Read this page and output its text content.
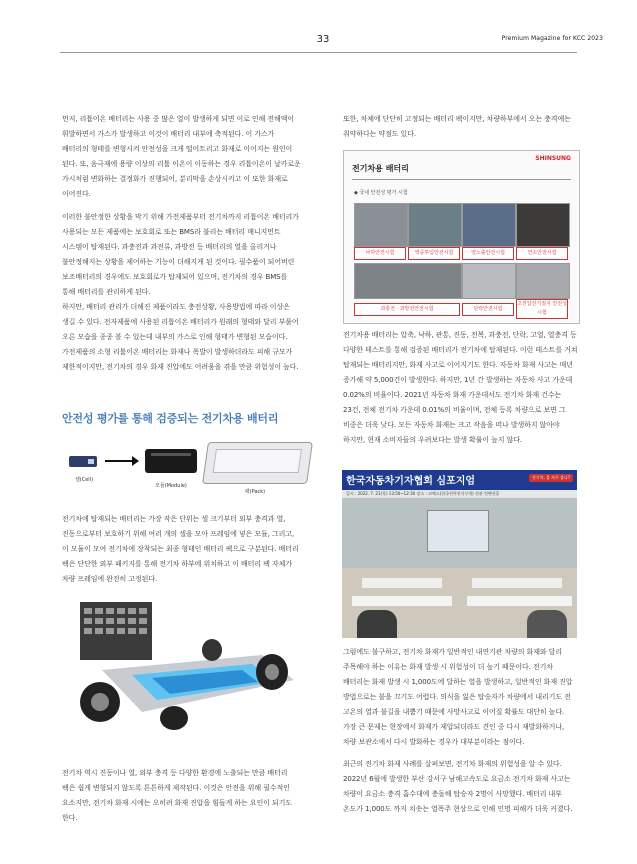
33	Premium Magazine for KCC 2023

먼저, 리튬이온 배터리는 사용 중 많은 열이 발생하게 되면 이로 인해 전해액이 휘발하면서 가스가 발생하고 이것이 배터리 내부에 축적된다. 이 가스가 배터리의 형태를 변형시켜 안전성을 크게 떨어트리고 화재로 이어지는 원인이 된다. 또, 음극재에 용량 이상의 리튬 이온이 이동하는 경우 리튬이온이 날카로운 가시처럼 변화하는 결정화가 진행되어, 분리막을 손상시키고 이 또한 화재로 이어진다.

이러한 불안정한 상황을 막기 위해 가전제품부터 전기차까지 리튬이온 배터리가 사용되는 모든 제품에는 보호회로 또는 BMS라 불리는 배터리 매니지먼트 시스템이 탑재된다. 과충전과 과전류, 과방전 등 배터리의 열을 올리거나 불안정해지는 상황을 제어하는 기능이 더해지게 된 것이다. 필수품이 되어버린 보조배터리의 경우에도 보호회로가 탑재되어 있으며, 전기차의 경우 BMS를 통해 배터리를 관리하게 된다.

하지만, 배터리 관리가 더해진 제품이라도 충전상황, 사용방법에 따라 이상은 생길 수 있다. 전자제품에 사용된 리튬이온 배터리가 원래의 형태와 달리 부풀어 오른 모습을 종종 볼 수 있는데 내부의 가스로 인해 형태가 변형된 모습이다. 가전제품의 소형 리튬이온 배터리는 화재나 폭발이 발생하더라도 피해 규모가 제한적이지만, 전기차의 경우 화재 진압에도 어려움을 겪을 만큼 위험성이 높다.

안전성 평가를 통해 검증되는 전기차용 배터리
셀(Cell)
모듈(Module)
팩(Pack)

전기차에 탑재되는 배터리는 가장 작은 단위는 셀 크기부터 외부 충격과 열, 진동으로부터 보호하기 위해 여러 개의 셀을 모아 프레임에 넣은 모듈, 그리고, 이 모듈이 모여 전기차에 장착되는 최종 형태인 배터리 팩으로 구분된다. 배터리 팩은 단단한 외부 패키지를 통해 전기차 하부에 위치하고 이 배터리 팩 자체가 차량 프레임에 완전히 고정된다.

전기차 역시 진동이나 열, 외부 충격 등 다양한 환경에 노출되는 만큼 배터리 팩은 쉽게 변형되지 않도록 튼튼하게 제작된다. 이것은 안전을 위해 필수적인 요소지만, 전기차 화재 시에는 오히려 화재 진압을 힘들게 하는 요인이 되기도 한다.

또한, 차체에 단단히 고정되는 배터리 팩이지만, 차량하부에서 오는 충격에는 취약하다는 약점도 있다.

전기차용 배터리
SHINSUNG
◆ 국내 안전성 평가 시험
낙하안전시험	액중투입안전시험	열노출안전시험	연소안전시험
과충전 · 과방전안전시험	단락안전시험
고전압전기절지 안전성시험

전기차용 배터리는 압축, 낙하, 관통, 진동, 전복, 과충전, 단락, 고열, 열충격 등 다양한 테스트를 통해 검증된 배터리가 전기차에 탑재된다. 이런 테스트를 거쳐 탑재되는 배터리지만, 화재 사고로 이어지기도 한다. 자동차 화재 사고는 매년 증가해 약 5,000건이 발생한다. 하지만, 1년 간 발생하는 자동차 사고 가운데 0.02%의 비율이다. 2021년 자동차 화재 가운데서도 전기차 화재 건수는 23건, 전체 전기차 가운데 0.01%의 비율이며, 전체 등록 차량으로 보면 그 비중은 더욱 낮다. 모든 자동차 화재는 크고 작음을 떠나 발생하지 않아야 하지만, 현재 소비자들의 우려보다는 발생 확률이 높지 않다.

한국자동차기자협회 심포지엄	전기차, 불 자주 붙나?
일시 : 2022. 7. 21(목) 13:50~12:30 장소 : 코엑스(한국전력전자무역) 전관 컨벤션홀

그럼에도 불구하고, 전기차 화재가 일반적인 내연기관 차량의 화재와 달리 주목해야 하는 이유는 화재 발생 시 위험성이 더 높기 때문이다. 전기차 배터리는 화재 발생 시 1,000도에 달하는 열을 발생하고, 일반적인 화재 진압 방법으로는 불을 끄기도 어렵다. 의식을 잃은 탑승자가 차량에서 내리기도 전 고온의 열과 불길을 내뿜기 때문에 사망사고로 이어질 확률도 대단히 높다. 가장 큰 문제는 현장에서 화재가 제압되더라도 견인 중 다시 재발화하거나, 차량 보관소에서 다시 발화하는 경우가 대부분이라는 점이다.

최근의 전기차 화재 사례를 살펴보면, 전기차 화재의 위험성을 알 수 있다. 2022년 6월에 발생한 부산 강서구 남해고속도로 요금소 전기차 화재 사고는 차량이 요금소 충격 흡수대에 충돌해 탑승자 2명이 사망했다. 배터리 내부 온도가 1,000도 까지 치솟는 열폭주 현상으로 인해 인명 피해가 더욱 커졌다.
